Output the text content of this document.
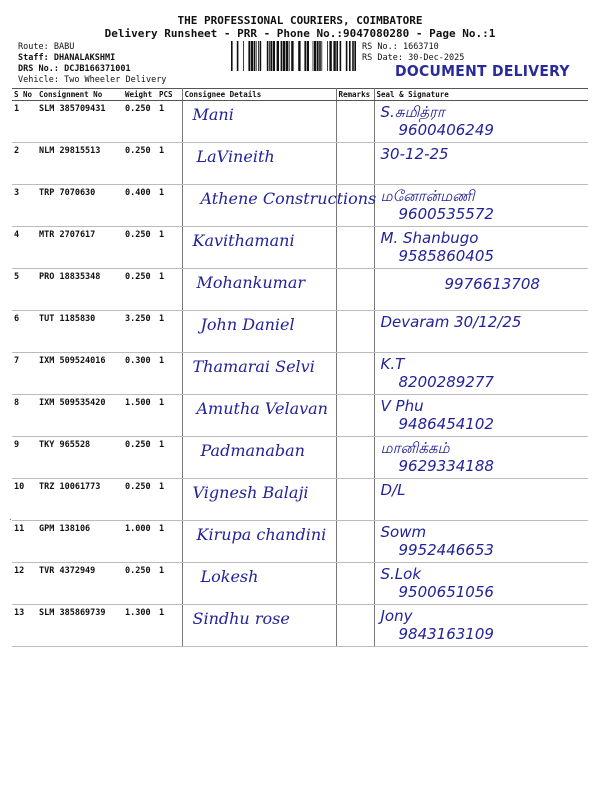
THE PROFESSIONAL COURIERS, COIMBATORE
Delivery Runsheet - PRR - Phone No.:9047080280 - Page No.:1
Route: BABU
Staff: DHANALAKSHMI
DRS No.: DCJB166371001
Vehicle: Two Wheeler Delivery
RS No.: 1663710
RS Date: 30-Dec-2025
DOCUMENT DELIVERY
S No	Consignment No	Weight	PCS	Consignee Details	Remarks	Seal & Signature
1	SLM 385709431	0.250	1	Mani		S.சுமித்ரா
9600406249

2	NLM 29815513	0.250	1	LaVineith		30-12-25

3	TRP 7070630	0.400	1	Athene Constructions		மனோன்மணி
9600535572

4	MTR 2707617	0.250	1	Kavithamani		M. Shanbugo
9585860405

5	PRO 18835348	0.250	1	Mohankumar		9976613708

6	TUT 1185830	3.250	1	John Daniel		Devaram 30/12/25

7	IXM 509524016	0.300	1	Thamarai Selvi		K.T
8200289277

8	IXM 509535420	1.500	1	Amutha Velavan		V Phu
9486454102

9	TKY 965528	0.250	1	Padmanaban		மானிக்கம்
9629334188

10	TRZ 10061773	0.250	1	Vignesh Balaji		D/L

11	GPM 138106	1.000	1	Kirupa chandini		Sowm
9952446653

12	TVR 4372949	0.250	1	Lokesh		S.Lok
9500651056

13	SLM 385869739	1.300	1	Sindhu rose		Jony
9843163109
·
